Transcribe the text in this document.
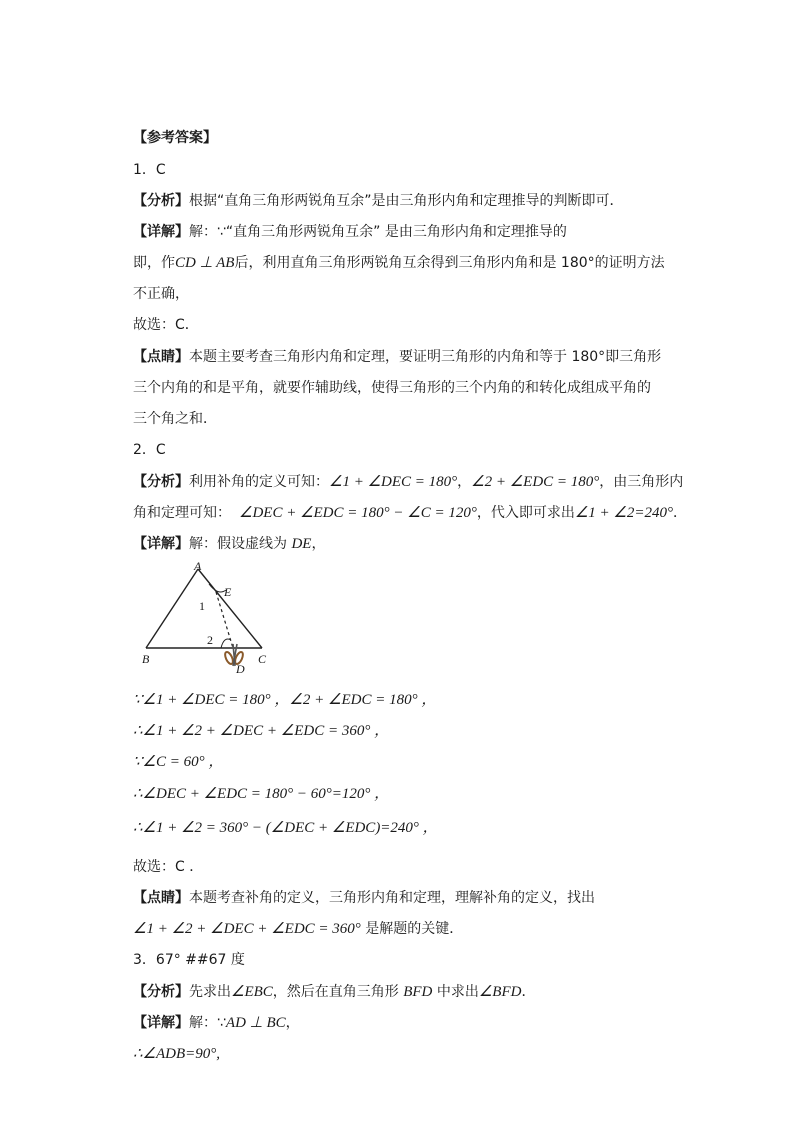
【参考答案】
1．C
【分析】根据“直角三角形两锐角互余”是由三角形内角和定理推导的判断即可．
【详解】解：∵“直角三角形两锐角互余” 是由三角形内角和定理推导的
即，作CD ⊥ AB后，利用直角三角形两锐角互余得到三角形内角和是 180°的证明方法
不正确，
故选：C．
【点睛】本题主要考查三角形内角和定理，要证明三角形的内角和等于 180°即三角形
三个内角的和是平角，就要作辅助线，使得三角形的三个内角的和转化成组成平角的
三个角之和．
2．C
【分析】利用补角的定义可知：∠1 + ∠DEC = 180°，∠2 + ∠EDC = 180°，由三角形内
角和定理可知： ∠DEC + ∠EDC = 180° − ∠C = 120°，代入即可求出∠1 + ∠2=240°．
【详解】解：假设虚线为 DE，
A
E
1
2
B	C
D
∵∠1 + ∠DEC = 180° ，∠2 + ∠EDC = 180° ，
∴∠1 + ∠2 + ∠DEC + ∠EDC = 360° ，
∵∠C = 60° ，
∴∠DEC + ∠EDC = 180° − 60°=120° ，
∴∠1 + ∠2 = 360° − (∠DEC + ∠EDC)=240° ，
故选：C ．
【点睛】本题考查补角的定义，三角形内角和定理，理解补角的定义，找出
∠1 + ∠2 + ∠DEC + ∠EDC = 360° 是解题的关键．
3．67° ##67 度
【分析】先求出∠EBC，然后在直角三角形 BFD 中求出∠BFD．
【详解】解：∵AD ⊥ BC，
∴∠ADB=90°,
